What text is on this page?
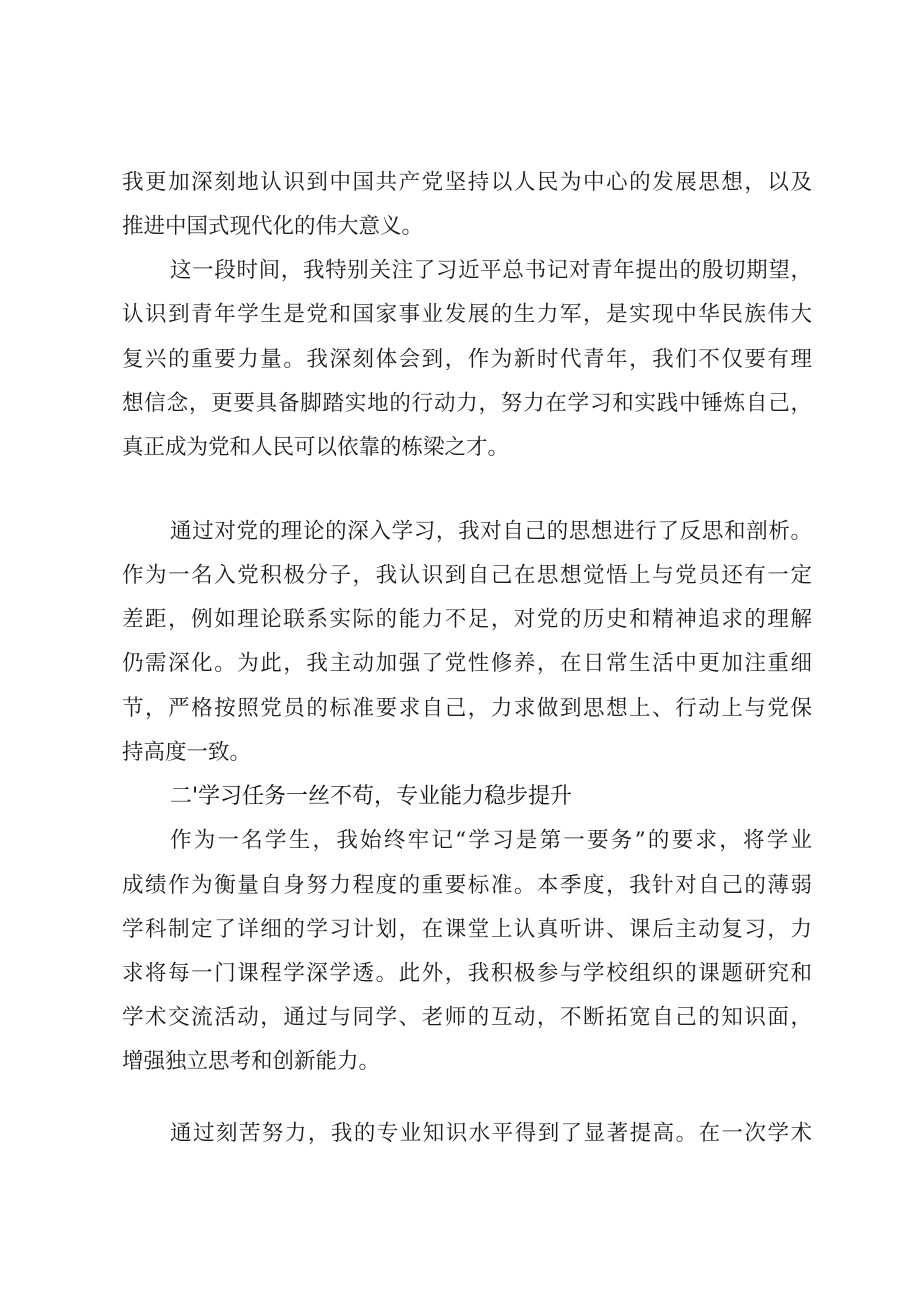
我更加深刻地认识到中国共产党坚持以人民为中心的发展思想，以及
推进中国式现代化的伟大意义。
这一段时间，我特别关注了习近平总书记对青年提出的殷切期望，
认识到青年学生是党和国家事业发展的生力军，是实现中华民族伟大
复兴的重要力量。我深刻体会到，作为新时代青年，我们不仅要有理
想信念，更要具备脚踏实地的行动力，努力在学习和实践中锤炼自己，
真正成为党和人民可以依靠的栋梁之才。
通过对党的理论的深入学习，我对自己的思想进行了反思和剖析。
作为一名入党积极分子，我认识到自己在思想觉悟上与党员还有一定
差距，例如理论联系实际的能力不足，对党的历史和精神追求的理解
仍需深化。为此，我主动加强了党性修养，在日常生活中更加注重细
节，严格按照党员的标准要求自己，力求做到思想上、行动上与党保
持高度一致。
二'学习任务一丝不苟，专业能力稳步提升
作为一名学生，我始终牢记“学习是第一要务”的要求，将学业
成绩作为衡量自身努力程度的重要标准。本季度，我针对自己的薄弱
学科制定了详细的学习计划，在课堂上认真听讲、课后主动复习，力
求将每一门课程学深学透。此外，我积极参与学校组织的课题研究和
学术交流活动，通过与同学、老师的互动，不断拓宽自己的知识面，
增强独立思考和创新能力。
通过刻苦努力，我的专业知识水平得到了显著提高。在一次学术
